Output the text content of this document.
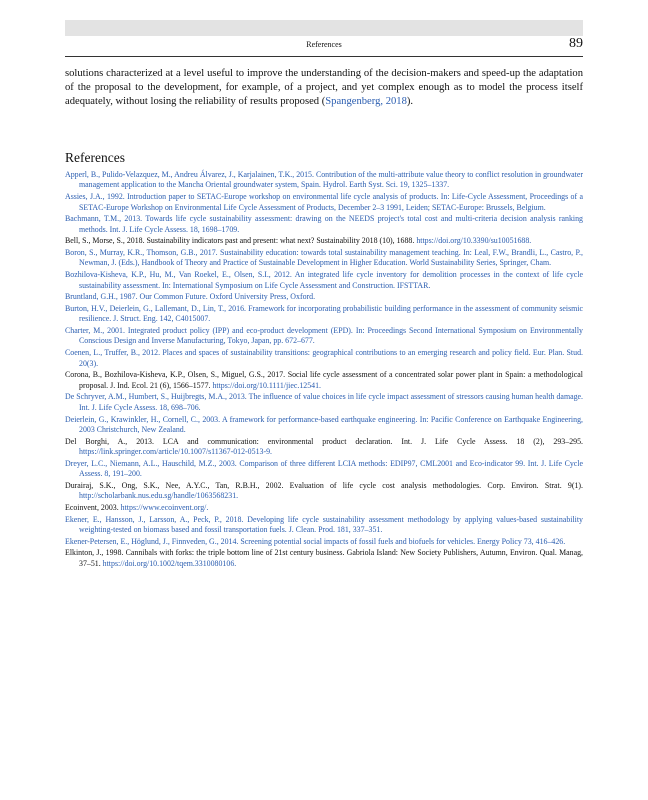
References	89
solutions characterized at a level useful to improve the understanding of the decision-makers and speed-up the adaptation of the proposal to the development, for example, of a project, and yet complex enough as to model the process itself adequately, without losing the reliability of results proposed (Spangenberg, 2018).
References
Apperl, B., Pulido-Velazquez, M., Andreu Álvarez, J., Karjalainen, T.K., 2015. Contribution of the multi-attribute value theory to conflict resolution in groundwater management application to the Mancha Oriental groundwater system, Spain. Hydrol. Earth Syst. Sci. 19, 1325–1337.
Assies, J.A., 1992. Introduction paper to SETAC-Europe workshop on environmental life cycle analysis of products. In: Life-Cycle Assessment, Proceedings of a SETAC-Europe Workshop on Environmental Life Cycle Assessment of Products, December 2–3 1991, Leiden; SETAC-Europe: Brussels, Belgium.
Bachmann, T.M., 2013. Towards life cycle sustainability assessment: drawing on the NEEDS project's total cost and multi-criteria decision analysis ranking methods. Int. J. Life Cycle Assess. 18, 1698–1709.
Bell, S., Morse, S., 2018. Sustainability indicators past and present: what next? Sustainability 2018 (10), 1688. https://doi.org/10.3390/su10051688.
Boron, S., Murray, K.R., Thomson, G.B., 2017. Sustainability education: towards total sustainability management teaching. In: Leal, F.W., Brandli, L., Castro, P., Newman, J. (Eds.), Handbook of Theory and Practice of Sustainable Development in Higher Education. World Sustainability Series, Springer, Cham.
Bozhilova-Kisheva, K.P., Hu, M., Van Roekel, E., Olsen, S.I., 2012. An integrated life cycle inventory for demolition processes in the context of life cycle sustainability assessment. In: International Symposium on Life Cycle Assessment and Construction. IFSTTAR.
Bruntland, G.H., 1987. Our Common Future. Oxford University Press, Oxford.
Burton, H.V., Deierlein, G., Lallemant, D., Lin, T., 2016. Framework for incorporating probabilistic building performance in the assessment of community seismic resilience. J. Struct. Eng. 142, C4015007.
Charter, M., 2001. Integrated product policy (IPP) and eco-product development (EPD). In: Proceedings Second International Symposium on Environmentally Conscious Design and Inverse Manufacturing, Tokyo, Japan, pp. 672–677.
Coenen, L., Truffer, B., 2012. Places and spaces of sustainability transitions: geographical contributions to an emerging research and policy field. Eur. Plan. Stud. 20(3).
Corona, B., Bozhilova-Kisheva, K.P., Olsen, S., Miguel, G.S., 2017. Social life cycle assessment of a concentrated solar power plant in Spain: a methodological proposal. J. Ind. Ecol. 21 (6), 1566–1577. https://doi.org/10.1111/jiec.12541.
De Schryver, A.M., Humbert, S., Huijbregts, M.A., 2013. The influence of value choices in life cycle impact assessment of stressors causing human health damage. Int. J. Life Cycle Assess. 18, 698–706.
Deierlein, G., Krawinkler, H., Cornell, C., 2003. A framework for performance-based earthquake engineering. In: Pacific Conference on Earthquake Engineering, 2003 Christchurch, New Zealand.
Del Borghi, A., 2013. LCA and communication: environmental product declaration. Int. J. Life Cycle Assess. 18 (2), 293–295. https://link.springer.com/article/10.1007/s11367-012-0513-9.
Dreyer, L.C., Niemann, A.L., Hauschild, M.Z., 2003. Comparison of three different LCIA methods: EDIP97, CML2001 and Eco-indicator 99. Int. J. Life Cycle Assess. 8, 191–200.
Durairaj, S.K., Ong, S.K., Nee, A.Y.C., Tan, R.B.H., 2002. Evaluation of life cycle cost analysis methodologies. Corp. Environ. Strat. 9(1). http://scholarbank.nus.edu.sg/handle/1063568231.
Ecoinvent, 2003. https://www.ecoinvent.org/.
Ekener, E., Hansson, J., Larsson, A., Peck, P., 2018. Developing life cycle sustainability assessment methodology by applying values-based sustainability weighting-tested on biomass based and fossil transportation fuels. J. Clean. Prod. 181, 337–351.
Ekener-Petersen, E., Höglund, J., Finnveden, G., 2014. Screening potential social impacts of fossil fuels and biofuels for vehicles. Energy Policy 73, 416–426.
Elkinton, J., 1998. Cannibals with forks: the triple bottom line of 21st century business. Gabriola Island: New Society Publishers, Autumn, Environ. Qual. Manag, 37–51. https://doi.org/10.1002/tqem.3310080106.
